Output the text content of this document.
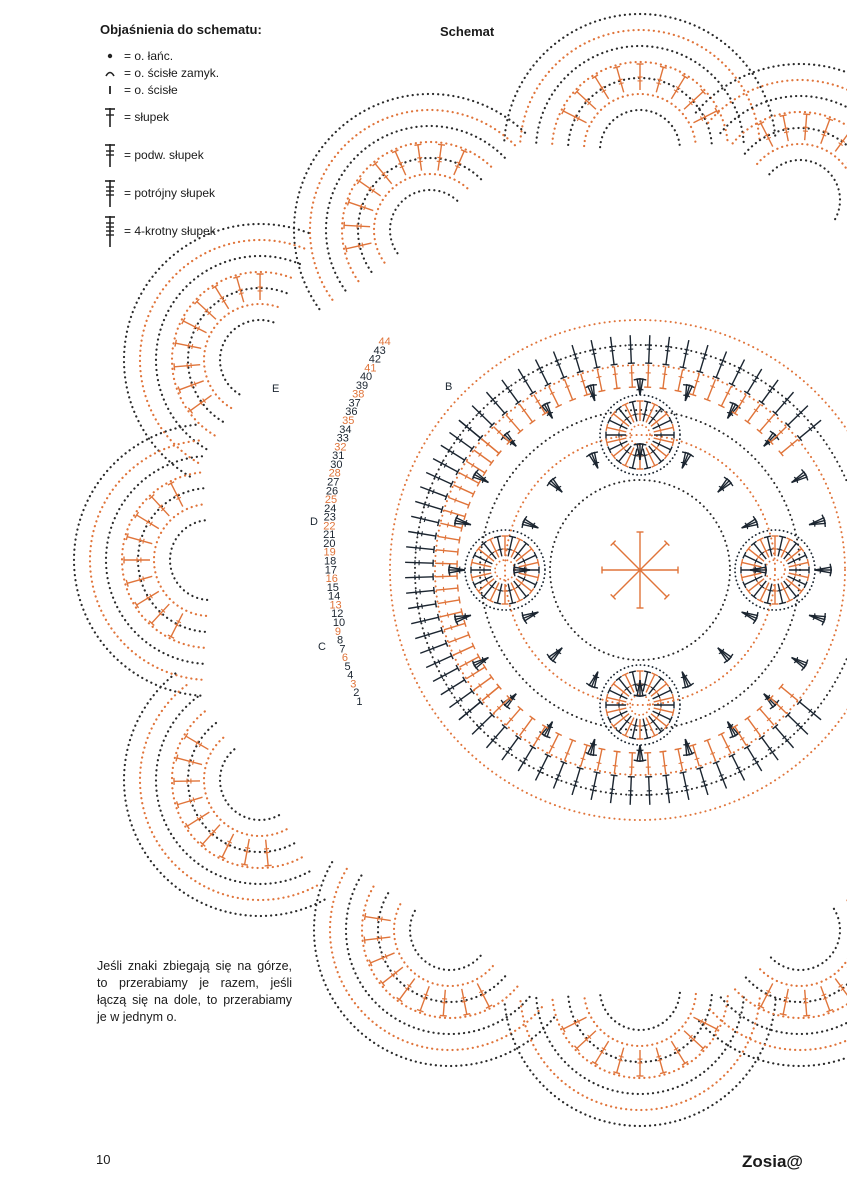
Objaśnienia do schematu:
= o. łańc.
= o. ścisłe zamyk.
= o. ścisłe
= słupek
= podw. słupek
= potrójny słupek
= 4-krotny słupek
Schemat
44
43
42
41
40
39
38
37
36
35
34
33
32
31
30
28
27
26
25
24
23
22
21
20
19
18
17
16
15
14
13
12
10
9
8
7
6
5
4
3
2
1
B
E
D
C
Jeśli znaki zbiegają się na górze, to przerabiamy je razem, jeśli łączą się na dole, to przerabiamy je w jednym o.
10	Zosia@
